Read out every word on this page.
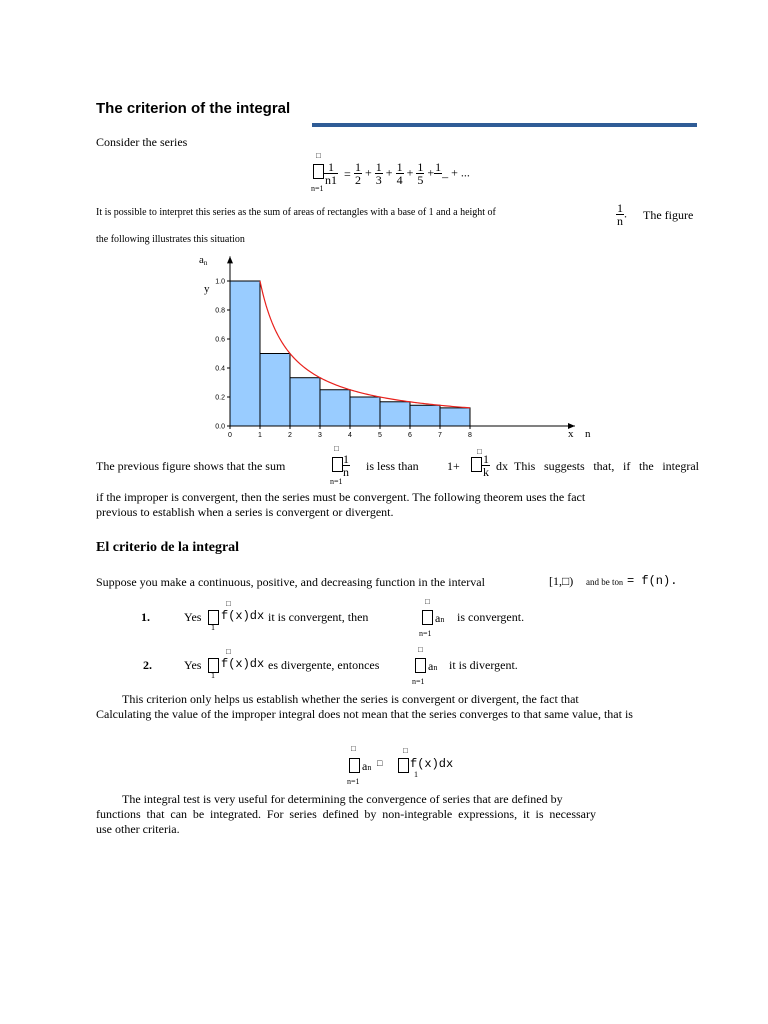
The criterion of the integral
Consider the series
□
$\frac{1}{n1}$
n=1
= $\frac{1}{2} + \frac{1}{3} + \frac{1}{4} + \frac{1}{5} + 1$
_ + ...
It is possible to interpret this series as the sum of areas of rectangles with a base of 1 and a height of	$\frac{1}{n}$ . The figure
the following illustrates this situation
0	1	2	3	4	5	6	7	8
0.0
0.2
0.4
0.6
0.8
1.0
an
y
x n
The previous figure shows that the sum
□
$\frac{1}{n}$
n=1
is less than 1+
□
$\frac{1}{k}$ dx This suggests that, if the integral
if the improper is convergent, then the series must be convergent. The following theorem uses the fact
previous to establish when a series is convergent or divergent.
El criterio de la integral
Suppose you make a continuous, positive, and decreasing function in the interval	[1,□) and be ton = f(n).
1.	Yes
□
f(x)dx
1
it is convergent, then
□
an
n=1
is convergent.
2.	Yes
□
f(x)dx
1
es divergente, entonces
□
an
n=1
it is divergent.
This criterion only helps us establish whether the series is convergent or divergent, the fact that
Calculating the value of the improper integral does not mean that the series converges to that same value, that is
□
an
n=1
□
□
f(x)dx
1
The integral test is very useful for determining the convergence of series that are defined by
functions that can be integrated. For series defined by non-integrable expressions, it is necessary
use other criteria.
